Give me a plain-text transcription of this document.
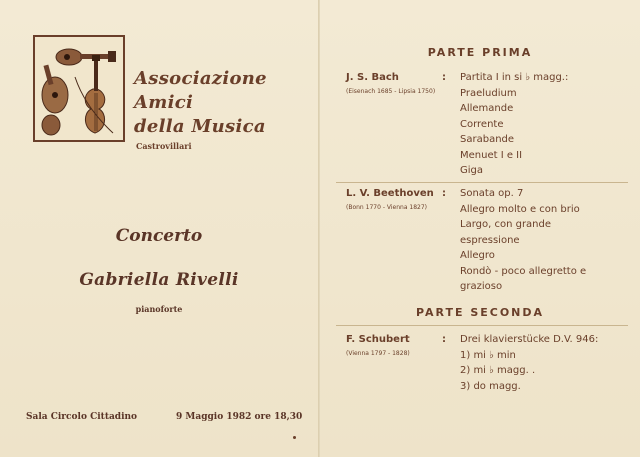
Associazione
Amici
della Musica
Castrovillari
Concerto
Gabriella Rivelli
pianoforte
Sala Circolo Cittadino	9 Maggio 1982 ore 18,30
PARTE PRIMA
J. S. Bach
(Eisenach 1685 - Lipsia 1750)
: Partita I in si ♭ magg.:
Praeludium
Allemande
Corrente
Sarabande
Menuet I e II
Giga
L. V. Beethoven
(Bonn 1770 - Vienna 1827)
: Sonata op. 7
Allegro molto e con brio
Largo, con grande espressione
Allegro
Rondò - poco allegretto e grazioso
PARTE SECONDA
F. Schubert
(Vienna 1797 - 1828)
: Drei klavierstücke D.V. 946:
1) mi ♭ min
2) mi ♭ magg. .
3) do magg.
